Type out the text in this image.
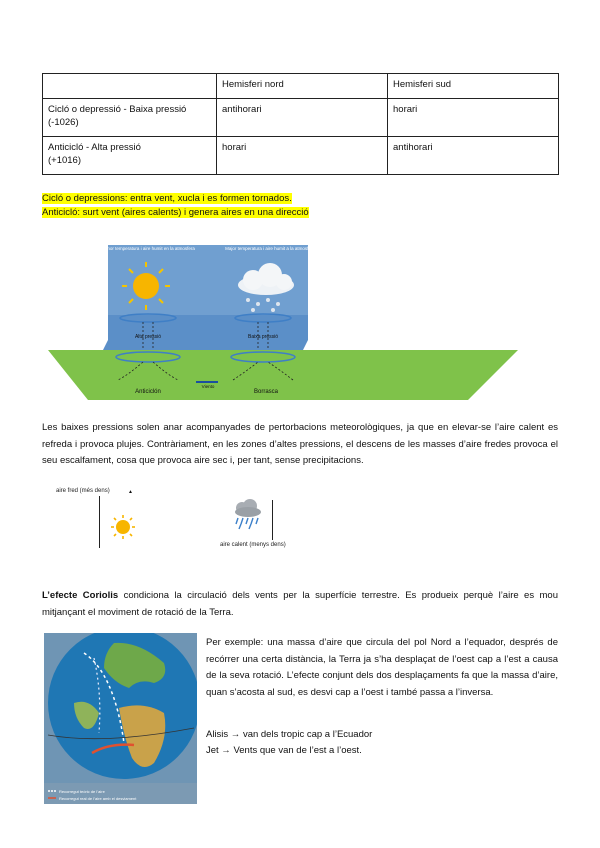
	Hemisferi nord	Hemisferi sud
Cicló o depressió - Baixa pressió
(-1026)	antihorari	horari
Anticicló - Alta pressió
(+1016)	horari	antihorari
Cicló o depressions: entra vent, xucla i es formen tornados.
Anticicló: surt vent (aires calents) i genera aires en una direcció
Menor temperatura i aire humit en la atmosfera	Major temperatura i aire humit a la atmosfera
Alta pressió	Baixa pressió
Anticiclón	Borrasca
Viento
Les baixes pressions solen anar acompanyades de pertorbacions meteorològiques, ja que en elevar-se l’aire calent es refreda i provoca plujes. Contràriament, en les zones d’altes pressions, el descens de les masses d’aire fredes provoca el seu escalfament, cosa que provoca aire sec i, per tant, sense precipitacions.
aire fred (més dens)	▲
aire calent (menys dens)
L’efecte Coriolis condiciona la circulació dels vents per la superfície terrestre. Es produeix perquè l’aire es mou mitjançant el moviment de rotació de la Terra.
Recorregut teòric de l’aire
Recorregut real de l’aire amb el desviament
Per exemple: una massa d’aire que circula del pol Nord a l’equador, després de recórrer una certa distància, la Terra ja s’ha desplaçat de l’oest cap a l’est a causa de la seva rotació. L’efecte conjunt dels dos desplaçaments fa que la massa d’aire, quan s’acosta al sud, es desvi cap a l’oest i també passa a l’inversa.
Alisis → van dels tropic cap a l’Ecuador
Jet → Vents que van de l’est a l’oest.
